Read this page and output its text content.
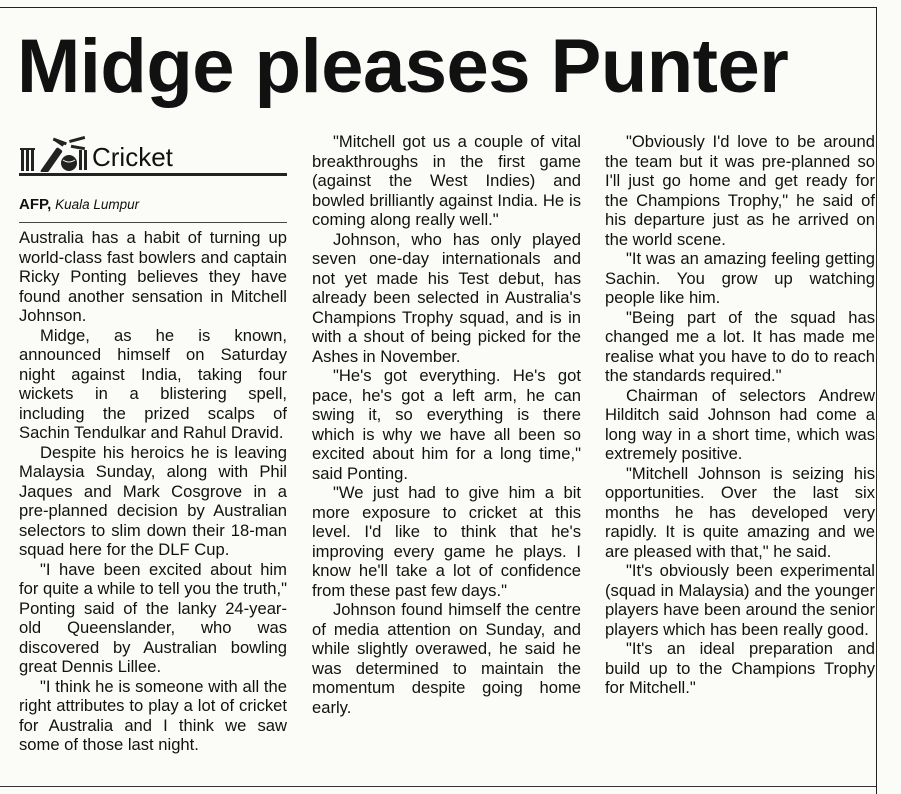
Midge pleases Punter
Cricket
AFP, Kuala Lumpur

Australia has a habit of turning up world-class fast bowlers and captain Ricky Ponting believes they have found another sensation in Mitchell Johnson.

Midge, as he is known, announced himself on Saturday night against India, taking four wickets in a blistering spell, including the prized scalps of Sachin Tendulkar and Rahul Dravid.

Despite his heroics he is leaving Malaysia Sunday, along with Phil Jaques and Mark Cosgrove in a pre-planned decision by Australian selectors to slim down their 18-man squad here for the DLF Cup.

"I have been excited about him for quite a while to tell you the truth," Ponting said of the lanky 24-year-old Queenslander, who was discovered by Australian bowling great Dennis Lillee.

"I think he is someone with all the right attributes to play a lot of cricket for Australia and I think we saw some of those last night.

"Mitchell got us a couple of vital breakthroughs in the first game (against the West Indies) and bowled brilliantly against India. He is coming along really well."

Johnson, who has only played seven one-day internationals and not yet made his Test debut, has already been selected in Australia's Champions Trophy squad, and is in with a shout of being picked for the Ashes in November.

"He's got everything. He's got pace, he's got a left arm, he can swing it, so everything is there which is why we have all been so excited about him for a long time," said Ponting.

"We just had to give him a bit more exposure to cricket at this level. I'd like to think that he's improving every game he plays. I know he'll take a lot of confidence from these past few days."

Johnson found himself the centre of media attention on Sunday, and while slightly overawed, he said he was determined to maintain the momentum despite going home early.

"Obviously I'd love to be around the team but it was pre-planned so I'll just go home and get ready for the Champions Trophy," he said of his departure just as he arrived on the world scene.

"It was an amazing feeling getting Sachin. You grow up watching people like him.

"Being part of the squad has changed me a lot. It has made me realise what you have to do to reach the standards required."

Chairman of selectors Andrew Hilditch said Johnson had come a long way in a short time, which was extremely positive.

"Mitchell Johnson is seizing his opportunities. Over the last six months he has developed very rapidly. It is quite amazing and we are pleased with that," he said.

"It's obviously been experimental (squad in Malaysia) and the younger players have been around the senior players which has been really good.

"It's an ideal preparation and build up to the Champions Trophy for Mitchell."
